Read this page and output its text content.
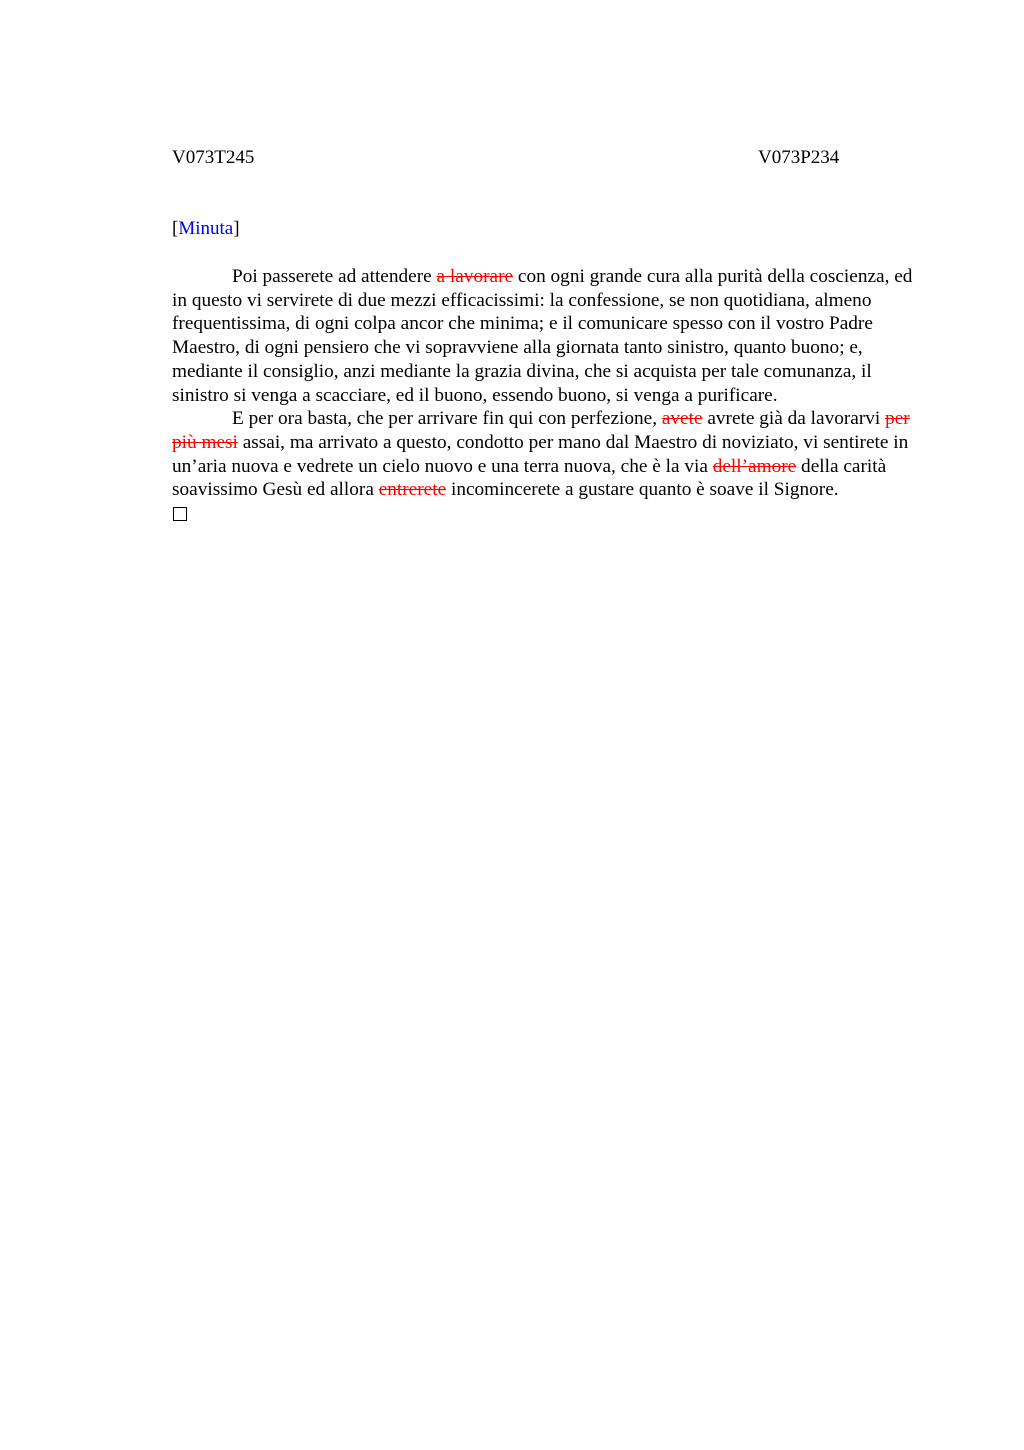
V073T245	V073P234
[Minuta]

Poi passerete ad attendere a lavorare con ogni grande cura alla purità della coscienza, ed in questo vi servirete di due mezzi efficacissimi: la confessione, se non quotidiana, almeno frequentissima, di ogni colpa ancor che minima; e il comunicare spesso con il vostro Padre Maestro, di ogni pensiero che vi sopravviene alla giornata tanto sinistro, quanto buono; e, mediante il consiglio, anzi mediante la grazia divina, che si acquista per tale comunanza, il sinistro si venga a scacciare, ed il buono, essendo buono, si venga a purificare.

E per ora basta, che per arrivare fin qui con perfezione, avete avrete già da lavorarvi per più mesi assai, ma arrivato a questo, condotto per mano dal Maestro di noviziato, vi sentirete in un’aria nuova e vedrete un cielo nuovo e una terra nuova, che è la via dell’amore della carità soavissimo Gesù ed allora entrerete incomincerete a gustare quanto è soave il Signore.
